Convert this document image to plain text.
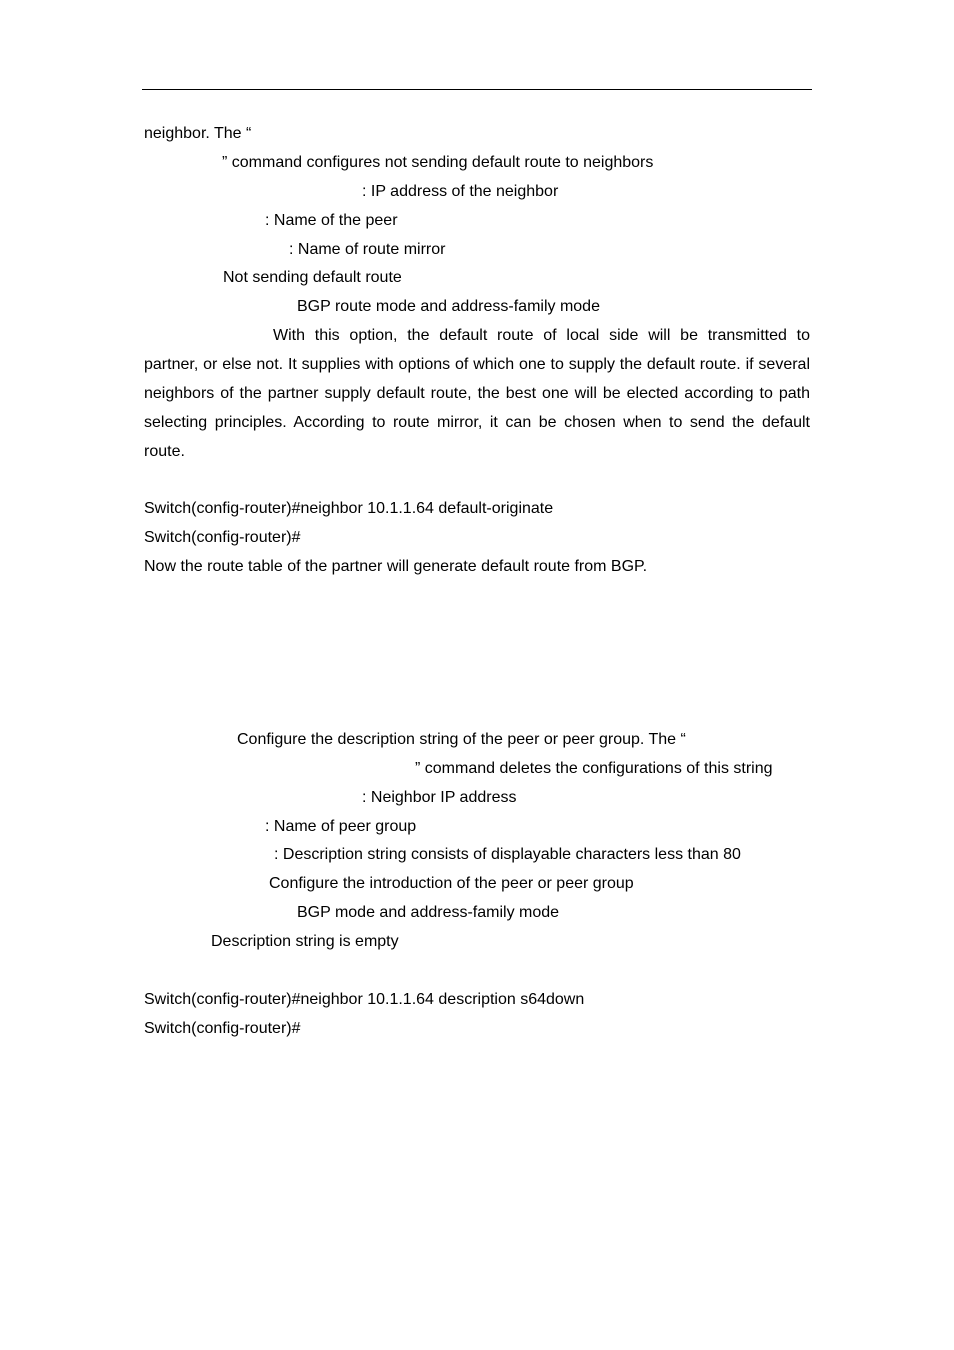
neighbor. The “
” command configures not sending default route to neighbors
: IP address of the neighbor
: Name of the peer
: Name of route mirror
Not sending default route
BGP route mode and address-family mode
With this option, the default route of local side will be transmitted to
partner, or else not. It supplies with options of which one to supply the default route. if several neighbors of the partner supply default route, the best one will be elected according to path selecting principles. According to route mirror, it can be chosen when to send the default route.
Switch(config-router)#neighbor 10.1.1.64 default-originate
Switch(config-router)#
Now the route table of the partner will generate default route from BGP.
Configure the description string of the peer or peer group. The “
” command deletes the configurations of this string
: Neighbor IP address
: Name of peer group
: Description string consists of displayable characters less than 80
Configure the introduction of the peer or peer group
BGP mode and address-family mode
Description string is empty
Switch(config-router)#neighbor 10.1.1.64 description s64down
Switch(config-router)#
